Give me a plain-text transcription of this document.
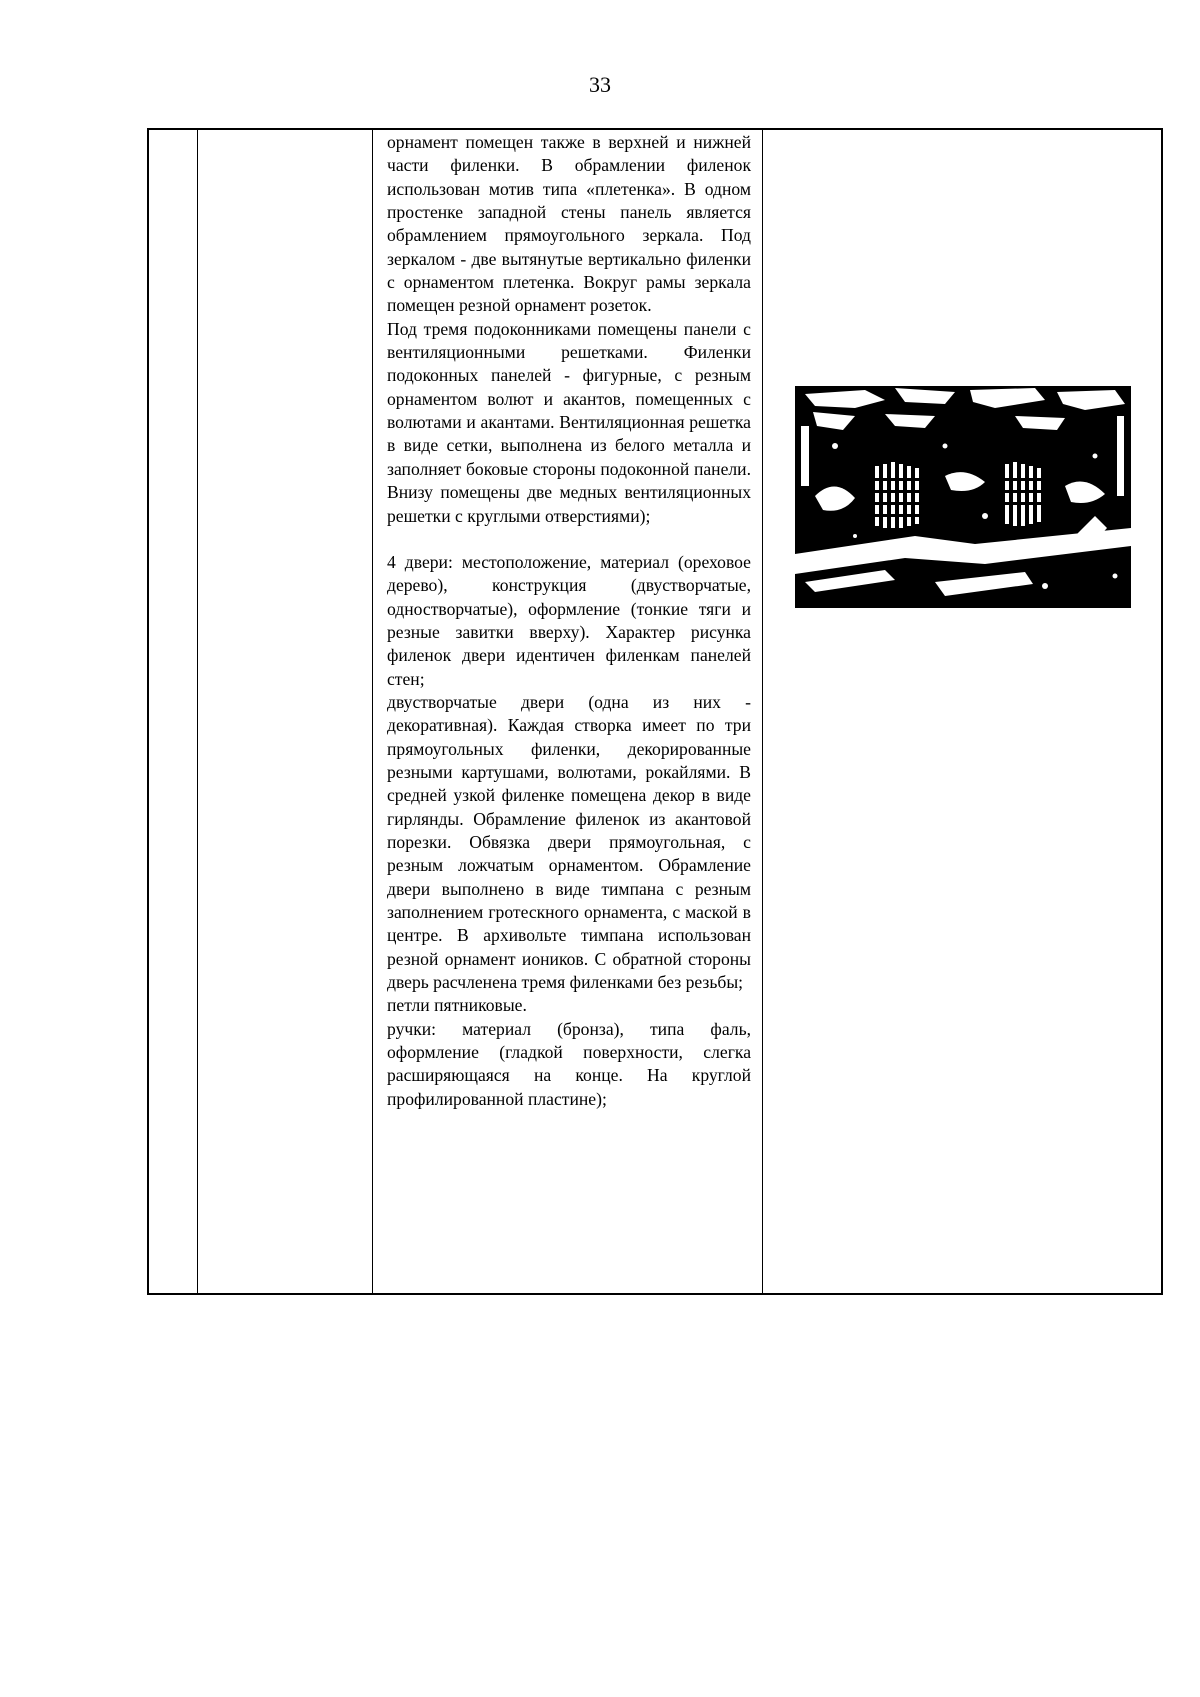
33

орнамент помещен также в верхней и нижней части филенки. В обрамлении филенок использован мотив типа «плетенка». В одном простенке западной стены панель является обрамлением прямоугольного зеркала. Под зеркалом - две вытянутые вертикально филенки с орнаментом плетенка. Вокруг рамы зеркала помещен резной орнамент розеток.

Под тремя подоконниками помещены панели с вентиляционными решетками. Филенки подоконных панелей - фигурные, с резным орнаментом волют и акантов, помещенных с волютами и акантами. Вентиляционная решетка в виде сетки, выполнена из белого металла и заполняет боковые стороны подоконной панели. Внизу помещены две медных вентиляционных решетки с круглыми отверстиями);

4 двери: местоположение, материал (ореховое дерево), конструкция (двустворчатые, одностворчатые), оформление (тонкие тяги и резные завитки вверху). Характер рисунка филенок двери идентичен филенкам панелей стен;

двустворчатые двери (одна из них - декоративная). Каждая створка имеет по три прямоугольных филенки, декорированные резными картушами, волютами, рокайлями. В средней узкой филенке помещена декор в виде гирлянды. Обрамление филенок из акантовой порезки. Обвязка двери прямоугольная, с резным ложчатым орнаментом. Обрамление двери выполнено в виде тимпана с резным заполнением гротескного орнамента, с маской в центре. В архивольте тимпана использован резной орнамент иоников. С обратной стороны дверь расчленена тремя филенками без резьбы;

петли пятниковые.

ручки: материал (бронза), типа фаль, оформление (гладкой поверхности, слегка расширяющаяся на конце. На круглой профилированной пластине);
